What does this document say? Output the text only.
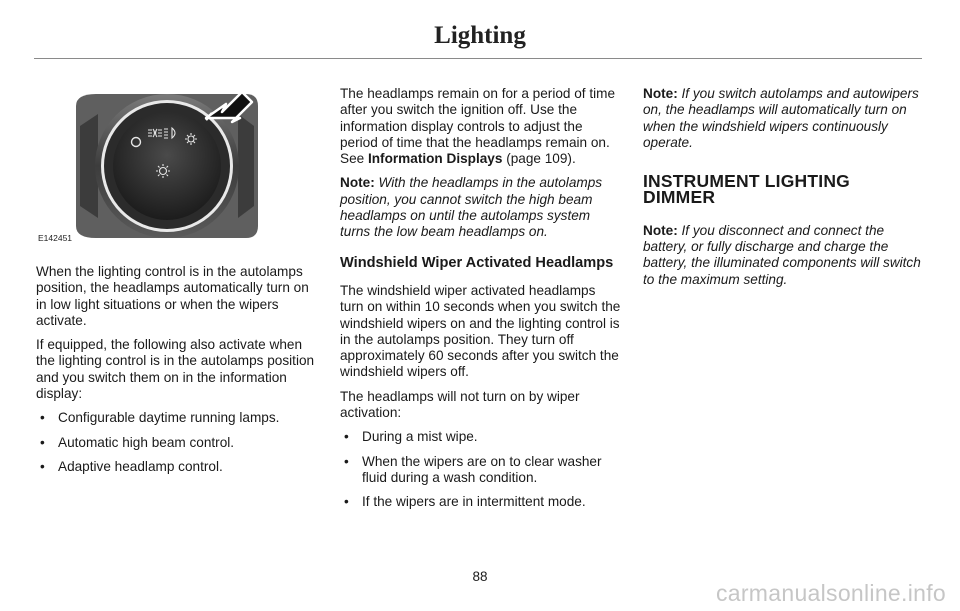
Lighting
E142451

When the lighting control is in the autolamps position, the headlamps automatically turn on in low light situations or when the wipers activate.

If equipped, the following also activate when the lighting control is in the autolamps position and you switch them on in the information display:

• Configurable daytime running lamps.
• Automatic high beam control.
• Adaptive headlamp control.

The headlamps remain on for a period of time after you switch the ignition off. Use the information display controls to adjust the period of time that the headlamps remain on. See Information Displays (page 109).

Note: With the headlamps in the autolamps position, you cannot switch the high beam headlamps on until the autolamps system turns the low beam headlamps on.

Windshield Wiper Activated Headlamps

The windshield wiper activated headlamps turn on within 10 seconds when you switch the windshield wipers on and the lighting control is in the autolamps position. They turn off approximately 60 seconds after you switch the windshield wipers off.

The headlamps will not turn on by wiper activation:

• During a mist wipe.
• When the wipers are on to clear washer fluid during a wash condition.
• If the wipers are in intermittent mode.

Note: If you switch autolamps and autowipers on, the headlamps will automatically turn on when the windshield wipers continuously operate.

INSTRUMENT LIGHTING DIMMER

Note: If you disconnect and connect the battery, or fully discharge and charge the battery, the illuminated components will switch to the maximum setting.

88
carmanualsonline.info
